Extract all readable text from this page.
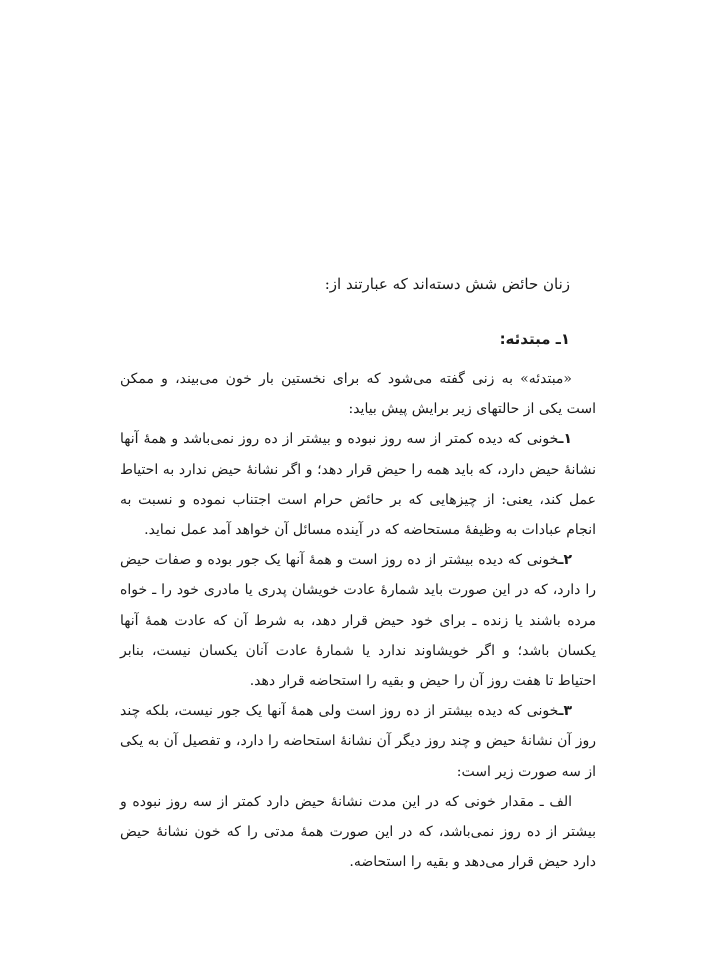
زنان حائض شش دسته‌اند که عبارتند از:

۱ـ مبتدئه:

«مبتدئه» به زنی گفته می‌شود که برای نخستین بار خون می‌بیند، و ممکن است یکی از حالتهای زیر برایش پیش بیاید:

۱ـخونی که دیده کمتر از سه روز نبوده و بیشتر از ده روز نمی‌باشد و همهٔ آنها نشانهٔ حیض دارد، که باید همه را حیض قرار دهد؛ و اگر نشانهٔ حیض ندارد به احتیاط عمل کند، یعنی: از چیزهایی که بر حائض حرام است اجتناب نموده و نسبت به انجام عبادات به وظیفهٔ مستحاضه که در آینده مسائل آن خواهد آمد عمل نماید.

۲ـخونی که دیده بیشتر از ده روز است و همهٔ آنها یک جور بوده و صفات حیض را دارد، که در این صورت باید شمارهٔ عادت خویشان پدری یا مادری خود را ـ خواه مرده باشند یا زنده ـ برای خود حیض قرار دهد، به شرط آن که عادت همهٔ آنها یکسان باشد؛ و اگر خویشاوند ندارد یا شمارهٔ عادت آنان یکسان نیست، بنابر احتیاط تا هفت روز آن را حیض و بقیه را استحاضه قرار دهد.

۳ـخونی که دیده بیشتر از ده روز است ولی همهٔ آنها یک جور نیست، بلکه چند روز آن نشانهٔ حیض و چند روز دیگر آن نشانهٔ استحاضه را دارد، و تفصیل آن به یکی از سه صورت زیر است:

الف ـ مقدار خونی که در این مدت نشانهٔ حیض دارد کمتر از سه روز نبوده و بیشتر از ده روز نمی‌باشد، که در این صورت همهٔ مدتی را که خون نشانهٔ حیض دارد حیض قرار می‌دهد و بقیه را استحاضه.
